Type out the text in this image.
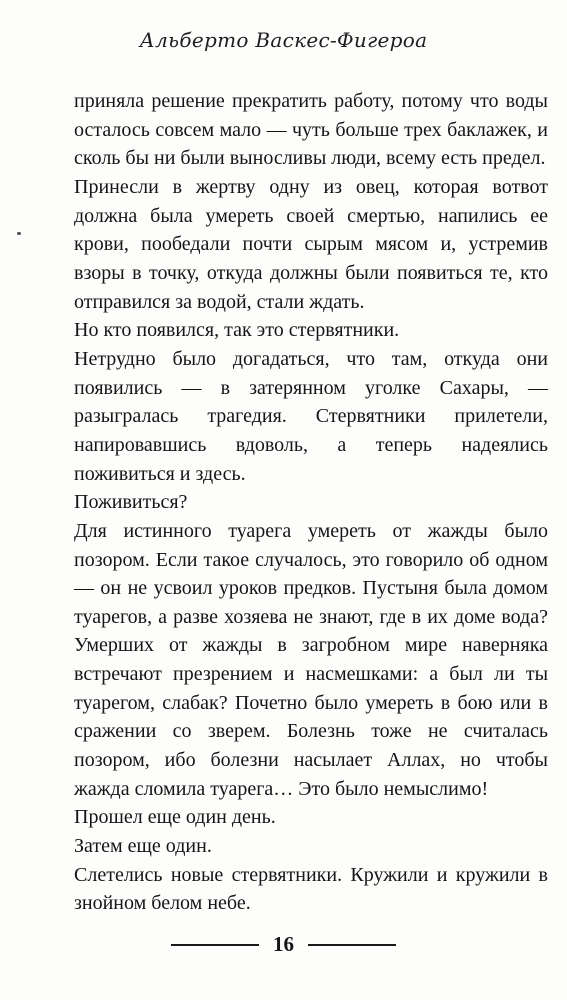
Альберто Васкес-Фигероа

приняла решение прекратить работу, потому что воды осталось совсем мало — чуть больше трех баклажек, и сколь бы ни были выносливы люди, всему есть предел.

Принесли в жертву одну из овец, которая вотвот должна была умереть своей смертью, напились ее крови, пообедали почти сырым мясом и, устремив взоры в точку, откуда должны были появиться те, кто отправился за водой, стали ждать.

Но кто появился, так это стервятники.

Нетрудно было догадаться, что там, откуда они появились — в затерянном уголке Сахары, — разыгралась трагедия. Стервятники прилетели, напировавшись вдоволь, а теперь надеялись поживиться и здесь.

Поживиться?

Для истинного туарега умереть от жажды было позором. Если такое случалось, это говорило об одном — он не усвоил уроков предков. Пустыня была домом туарегов, а разве хозяева не знают, где в их доме вода? Умерших от жажды в загробном мире наверняка встречают презрением и насмешками: а был ли ты туарегом, слабак? Почетно было умереть в бою или в сражении со зверем. Болезнь тоже не считалась позором, ибо болезни насылает Аллах, но чтобы жажда сломила туарега… Это было немыслимо!

Прошел еще один день.

Затем еще один.

Слетелись новые стервятники. Кружили и кружили в знойном белом небе.

16
